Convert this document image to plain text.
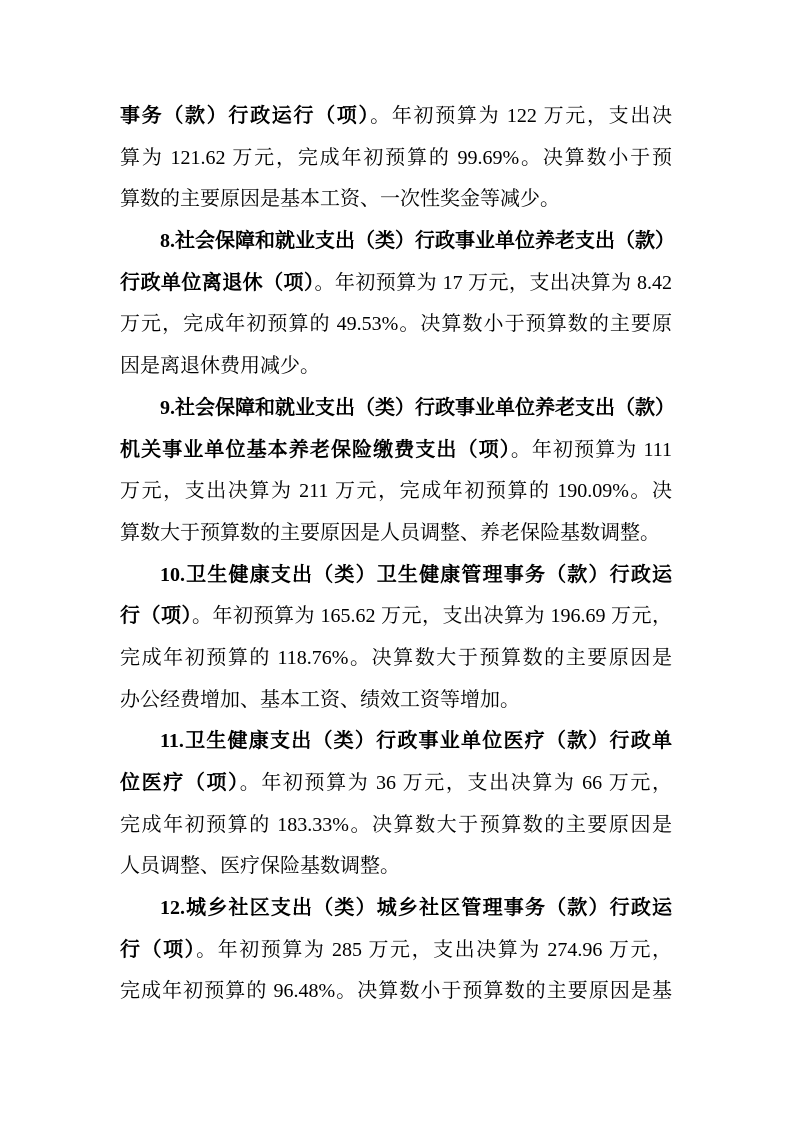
事务（款）行政运行（项）。年初预算为 122 万元，支出决
算为 121.62 万元，完成年初预算的 99.69%。决算数小于预
算数的主要原因是基本工资、一次性奖金等减少。
8.社会保障和就业支出（类）行政事业单位养老支出（款）
行政单位离退休（项）。年初预算为 17 万元，支出决算为 8.42
万元，完成年初预算的 49.53%。决算数小于预算数的主要原
因是离退休费用减少。
9.社会保障和就业支出（类）行政事业单位养老支出（款）
机关事业单位基本养老保险缴费支出（项）。年初预算为 111
万元，支出决算为 211 万元，完成年初预算的 190.09%。决
算数大于预算数的主要原因是人员调整、养老保险基数调整。
10.卫生健康支出（类）卫生健康管理事务（款）行政运
行（项）。年初预算为 165.62 万元，支出决算为 196.69 万元，
完成年初预算的 118.76%。决算数大于预算数的主要原因是
办公经费增加、基本工资、绩效工资等增加。
11.卫生健康支出（类）行政事业单位医疗（款）行政单
位医疗（项）。年初预算为 36 万元，支出决算为 66 万元，
完成年初预算的 183.33%。决算数大于预算数的主要原因是
人员调整、医疗保险基数调整。
12.城乡社区支出（类）城乡社区管理事务（款）行政运
行（项）。年初预算为 285 万元，支出决算为 274.96 万元，
完成年初预算的 96.48%。决算数小于预算数的主要原因是基
